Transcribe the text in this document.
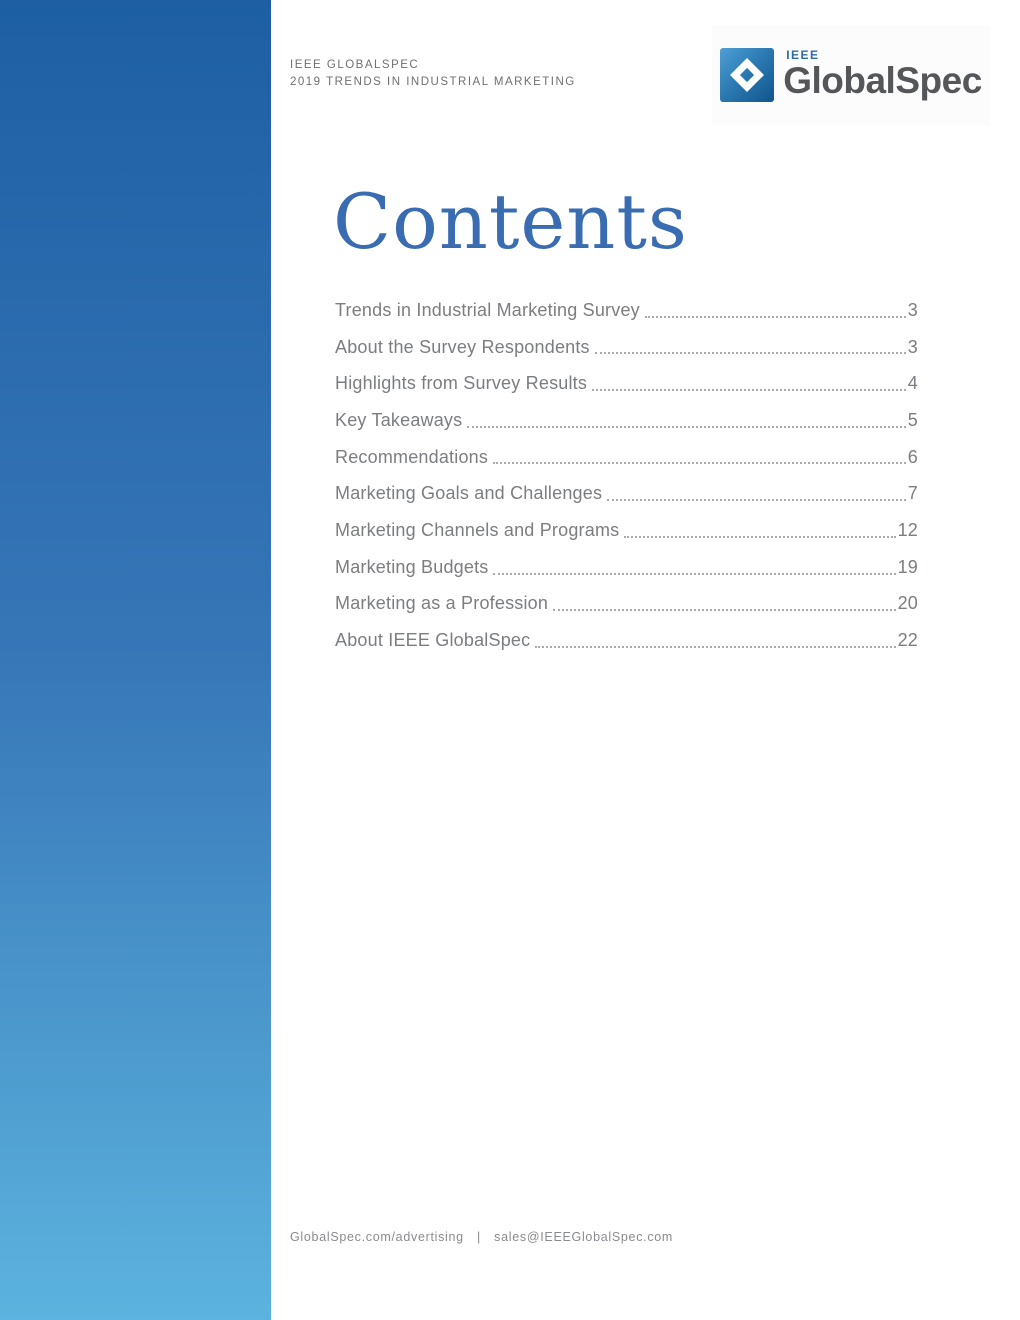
IEEE GLOBALSPEC
2019 TRENDS IN INDUSTRIAL MARKETING
IEEE
GlobalSpec
Contents
Trends in Industrial Marketing Survey	3
About the Survey Respondents	3
Highlights from Survey Results	4
Key Takeaways	5
Recommendations	6
Marketing Goals and Challenges	7
Marketing Channels and Programs	12
Marketing Budgets	19
Marketing as a Profession	20
About IEEE GlobalSpec	22
GlobalSpec.com/advertising | sales@IEEEGlobalSpec.com
